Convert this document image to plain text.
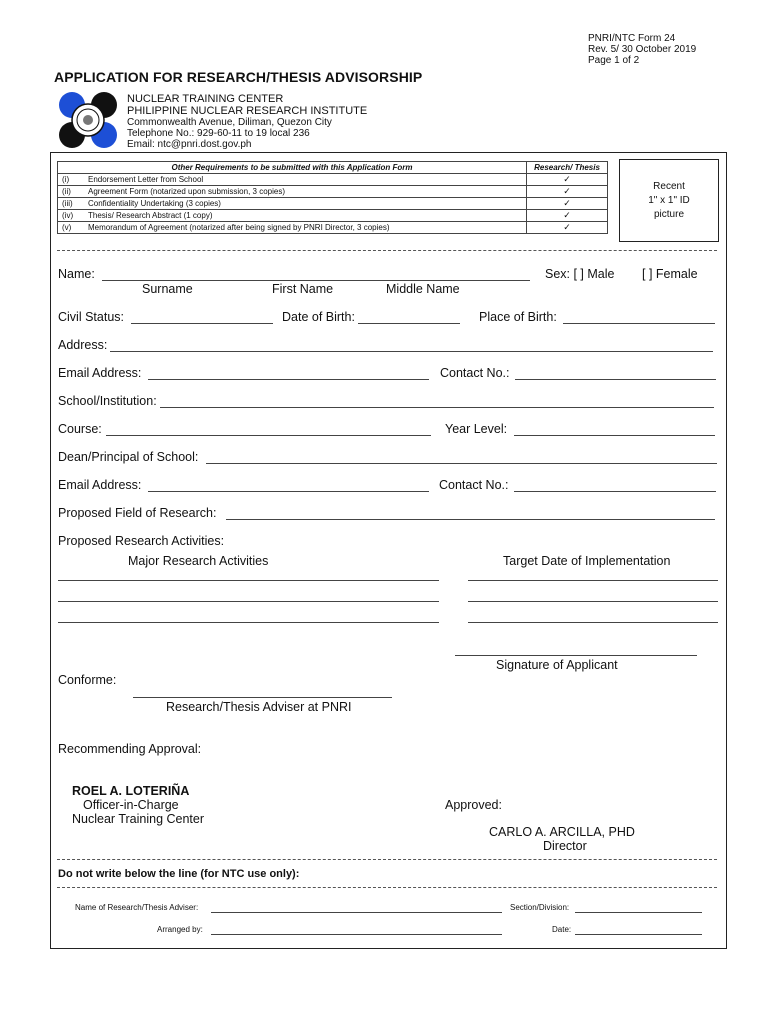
PNRI/NTC Form 24
Rev. 5/ 30 October 2019
Page 1 of 2
APPLICATION FOR RESEARCH/THESIS ADVISORSHIP
NUCLEAR TRAINING CENTER
PHILIPPINE NUCLEAR RESEARCH INSTITUTE
Commonwealth Avenue, Diliman, Quezon City
Telephone No.: 929-60-11 to 19 local 236
Email: ntc@pnri.dost.gov.ph
Other Requirements to be submitted with this Application Form		Research/ Thesis
(i)	Endorsement Letter from School	✓
(ii)	Agreement Form (notarized upon submission, 3 copies)	✓
(iii)	Confidentiality Undertaking (3 copies)	✓
(iv)	Thesis/ Research Abstract (1 copy)	✓
(v)	Memorandum of Agreement (notarized after being signed by PNRI Director, 3 copies)	✓
Recent
1" x 1" ID
picture
Name:	Sex: [ ] Male [ ] Female
Surname	First Name	Middle Name
Civil Status:	Date of Birth:	Place of Birth:
Address:
Email Address:	Contact No.:
School/Institution:
Course:	Year Level:
Dean/Principal of School:
Email Address:	Contact No.:
Proposed Field of Research:
Proposed Research Activities:
Major Research Activities	Target Date of Implementation
Signature of Applicant
Conforme:
Research/Thesis Adviser at PNRI
Recommending Approval:
ROEL A. LOTERIÑA
Officer-in-Charge
Nuclear Training Center
Approved:
CARLO A. ARCILLA, PHD
Director
Do not write below the line (for NTC use only):
Name of Research/Thesis Adviser:	Section/Division:
Arranged by:	Date:
